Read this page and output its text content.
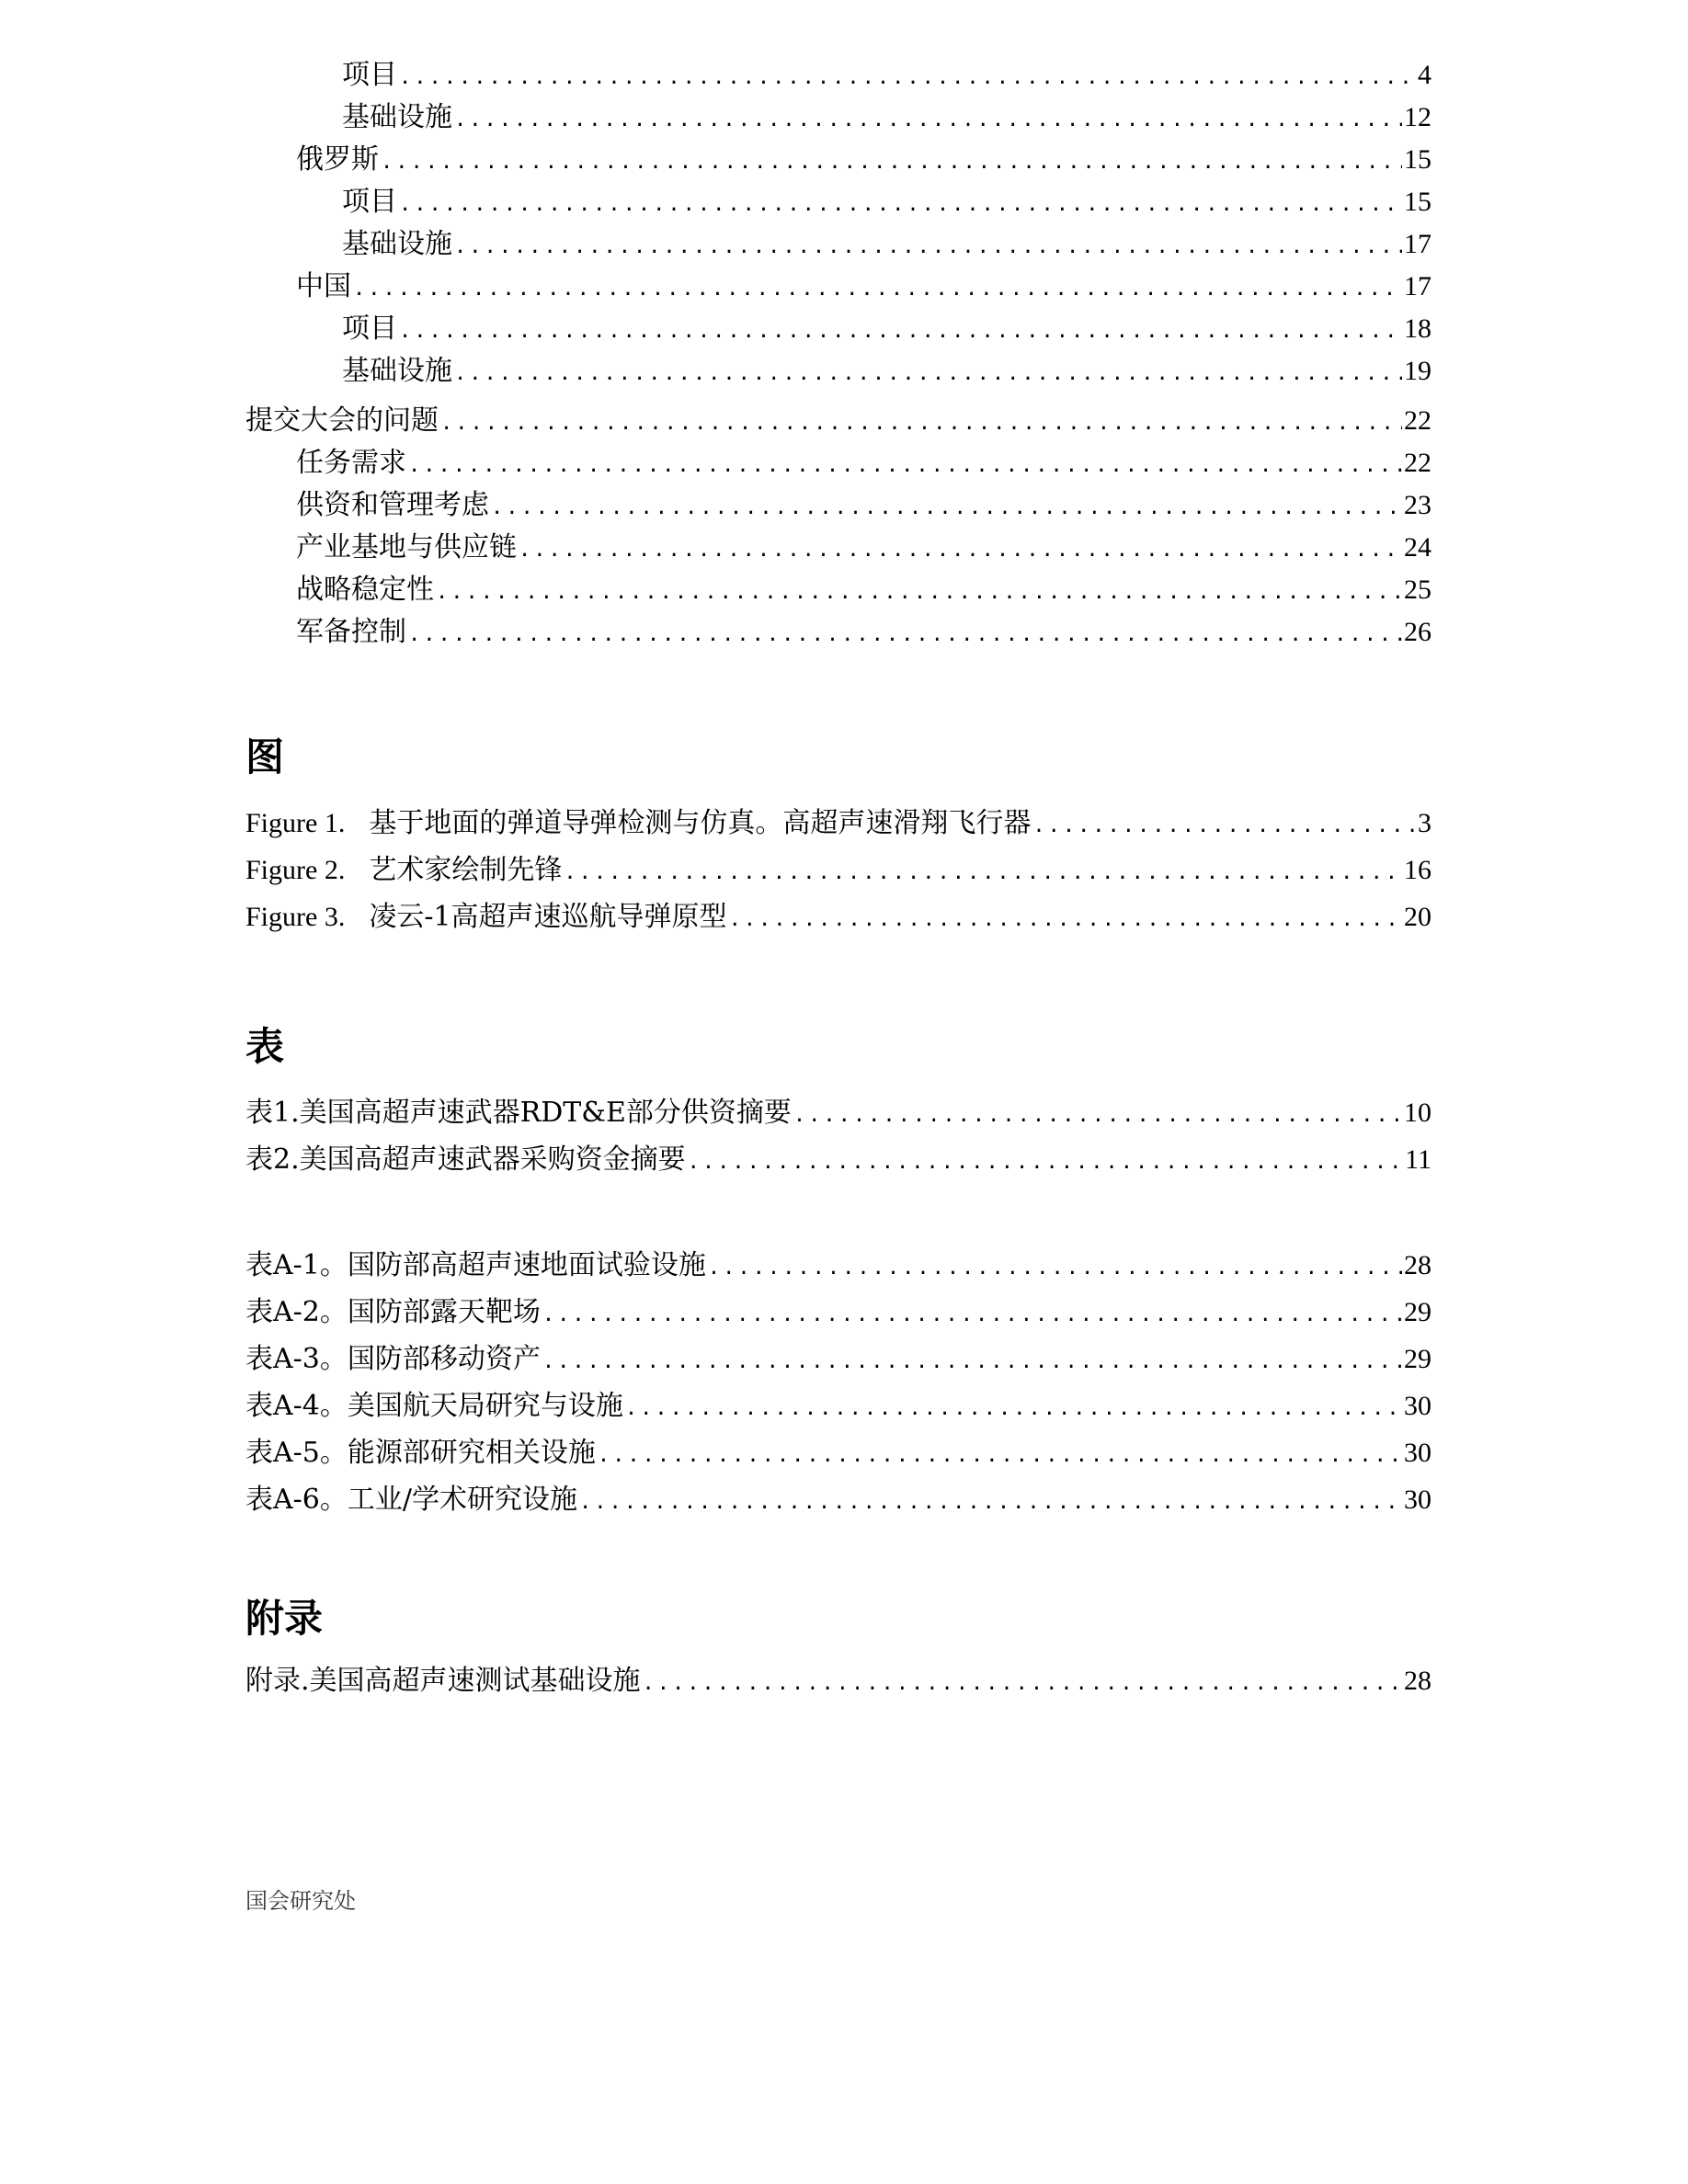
项目 .....	4
基础设施 .....	12
俄罗斯 .....	15
项目 .....	15
基础设施 .....	17
中国 .....	17
项目 .....	18
基础设施 .....	19
提交大会的问题 .....	22
任务需求 .....	22
供资和管理考虑 .....	23
产业基地与供应链 .....	24
战略稳定性 .....	25
军备控制 .....	26
图
Figure 1. 基于地面的弹道导弹检测与仿真。高超声速滑翔飞行器 .....	3
Figure 2. 艺术家绘制先锋 .....	16
Figure 3. 凌云-1高超声速巡航导弹原型 .....	20
表
表1.美国高超声速武器RDT&E部分供资摘要 .....	10
表2.美国高超声速武器采购资金摘要 .....	11
表A-1。国防部高超声速地面试验设施 .....	28
表A-2。国防部露天靶场 .....	29
表A-3。国防部移动资产 .....	29
表A-4。美国航天局研究与设施 .....	30
表A-5。能源部研究相关设施 .....	30
表A-6。工业/学术研究设施 .....	30
附录
附录.美国高超声速测试基础设施 .....	28
国会研究处
